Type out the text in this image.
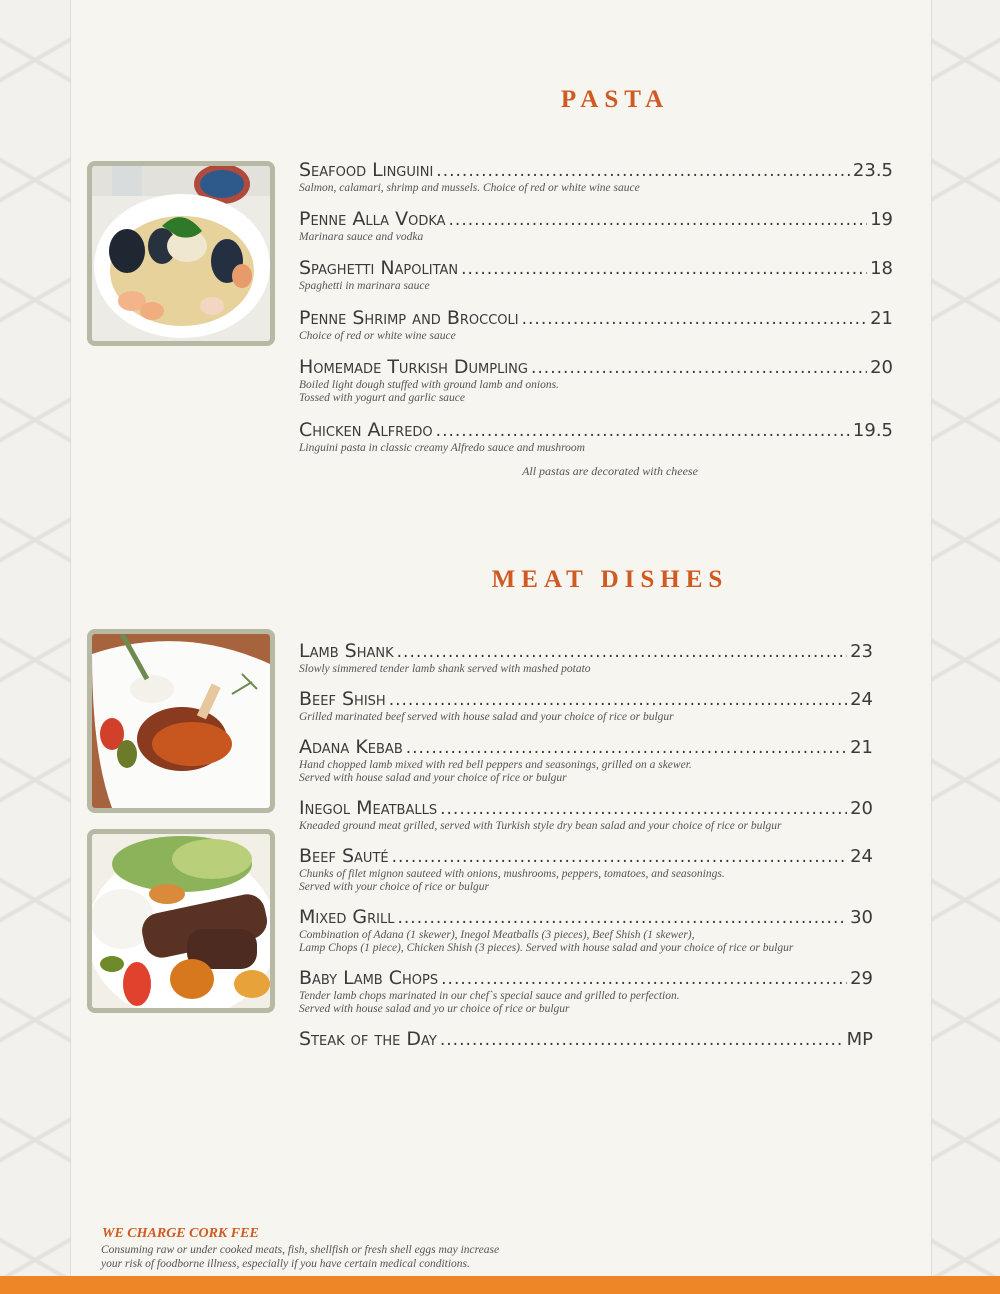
PASTA
Seafood Linguini .....	23.5
Salmon, calamari, shrimp and mussels. Choice of red or white wine sauce
Penne Alla Vodka .....	19
Marinara sauce and vodka
Spaghetti Napolitan .....	18
Spaghetti in marinara sauce
Penne Shrimp and Broccoli .....	21
Choice of red or white wine sauce
Homemade Turkish Dumpling .....	20
Boiled light dough stuffed with ground lamb and onions.
Tossed with yogurt and garlic sauce
Chicken Alfredo .....	19.5
Linguini pasta in classic creamy Alfredo sauce and mushroom
All pastas are decorated with cheese
MEAT DISHES
Lamb Shank .....	23
Slowly simmered tender lamb shank served with mashed potato
Beef Shish .....	24
Grilled marinated beef served with house salad and your choice of rice or bulgur
Adana Kebab .....	21
Hand chopped lamb mixed with red bell peppers and seasonings, grilled on a skewer.
Served with house salad and your choice of rice or bulgur
Inegol Meatballs .....	20
Kneaded ground meat grilled, served with Turkish style dry bean salad and your choice of rice or bulgur
Beef Sauté .....	24
Chunks of filet mignon sauteed with onions, mushrooms, peppers, tomatoes, and seasonings.
Served with your choice of rice or bulgur
Mixed Grill .....	30
Combination of Adana (1 skewer), Inegol Meatballs (3 pieces), Beef Shish (1 skewer),
Lamp Chops (1 piece), Chicken Shish (3 pieces). Served with house salad and your choice of rice or bulgur
Baby Lamb Chops .....	29
Tender lamb chops marinated in our chef`s special sauce and grilled to perfection.
Served with house salad and yo ur choice of rice or bulgur
Steak of the Day .....	MP
WE CHARGE CORK FEE
Consuming raw or under cooked meats, fish, shellfish or fresh shell eggs may increase
your risk of foodborne illness, especially if you have certain medical conditions.
